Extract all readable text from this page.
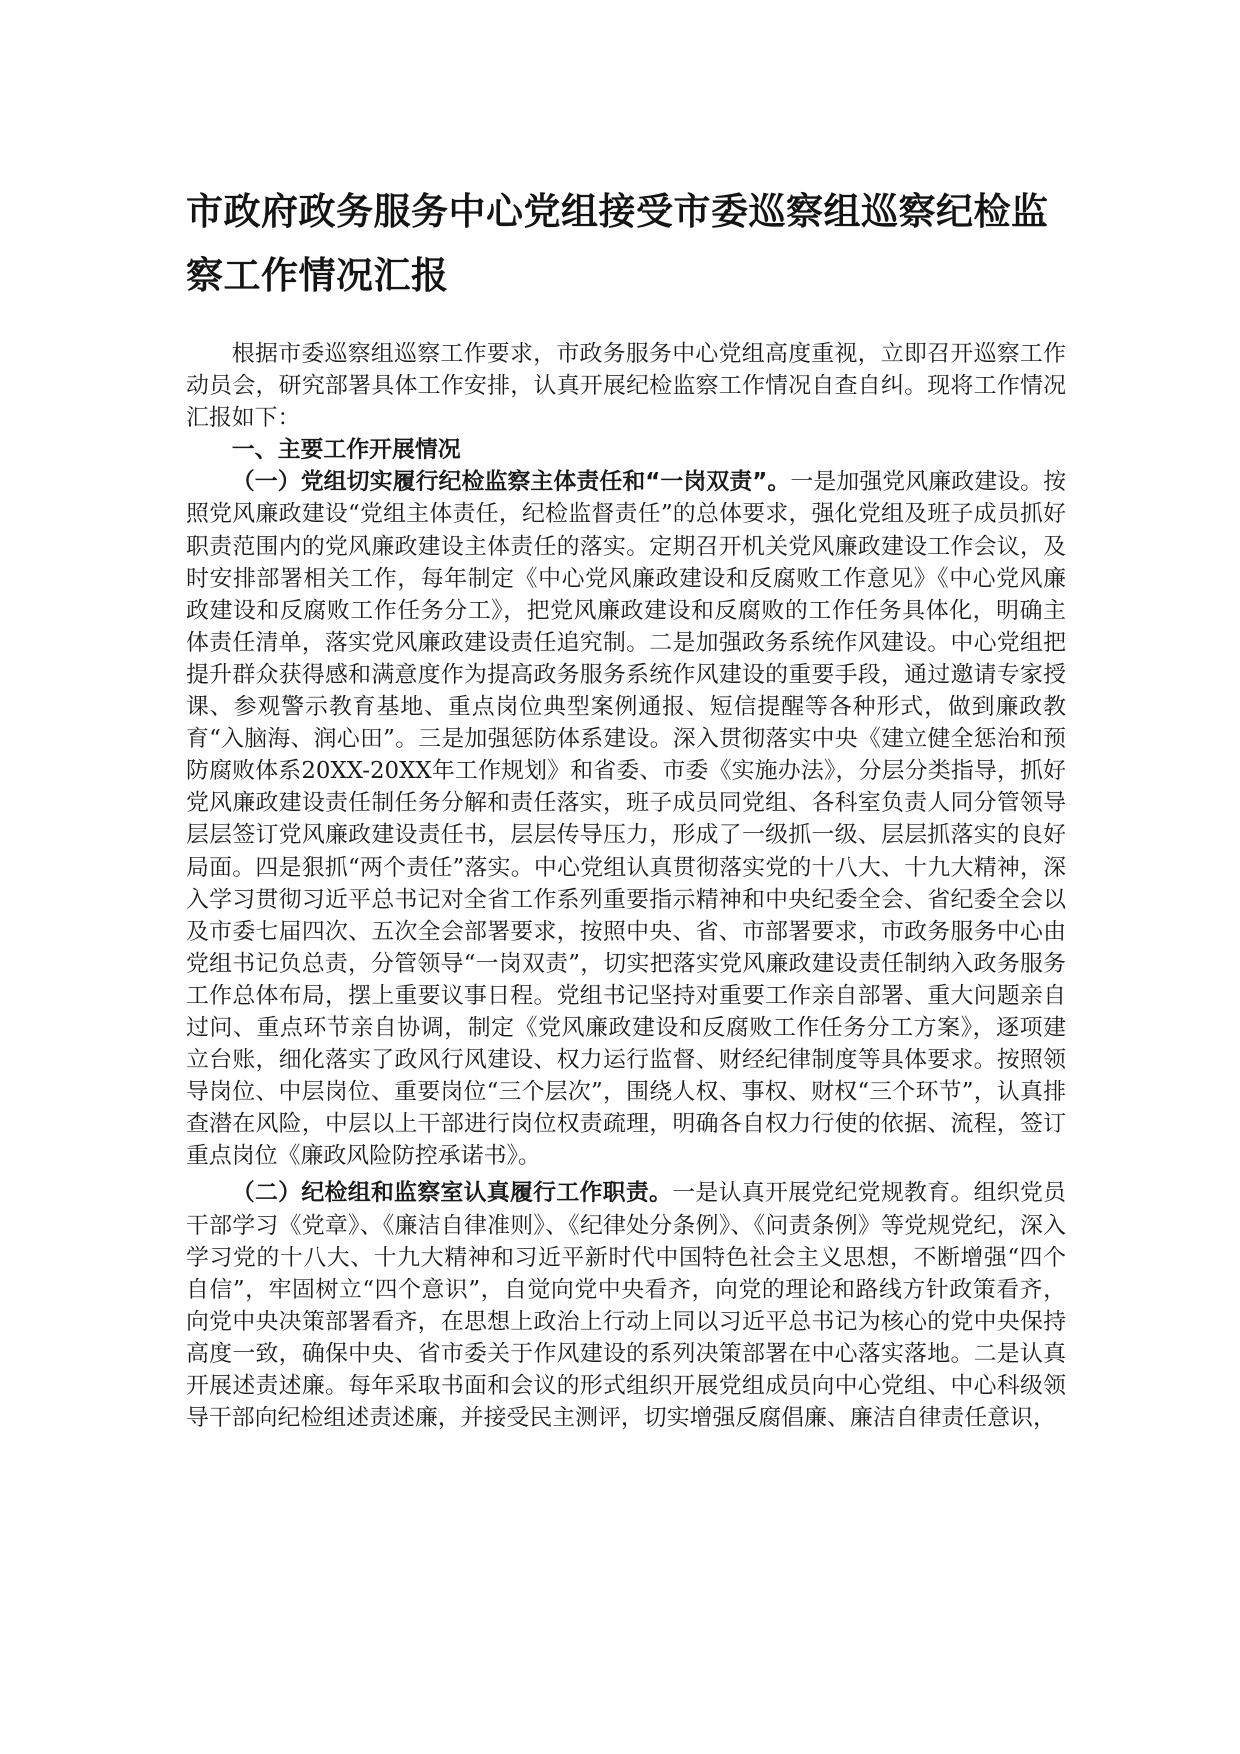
市政府政务服务中心党组接受市委巡察组巡察纪检监察工作情况汇报

根据市委巡察组巡察工作要求，市政务服务中心党组高度重视，立即召开巡察工作动员会，研究部署具体工作安排，认真开展纪检监察工作情况自查自纠。现将工作情况汇报如下：

一、主要工作开展情况

（一）党组切实履行纪检监察主体责任和“一岗双责”。一是加强党风廉政建设。按照党风廉政建设“党组主体责任，纪检监督责任”的总体要求，强化党组及班子成员抓好职责范围内的党风廉政建设主体责任的落实。定期召开机关党风廉政建设工作会议，及时安排部署相关工作，每年制定《中心党风廉政建设和反腐败工作意见》《中心党风廉政建设和反腐败工作任务分工》，把党风廉政建设和反腐败的工作任务具体化，明确主体责任清单，落实党风廉政建设责任追究制。二是加强政务系统作风建设。中心党组把提升群众获得感和满意度作为提高政务服务系统作风建设的重要手段，通过邀请专家授课、参观警示教育基地、重点岗位典型案例通报、短信提醒等各种形式，做到廉政教育“入脑海、润心田”。三是加强惩防体系建设。深入贯彻落实中央《建立健全惩治和预防腐败体系20XX-20XX年工作规划》和省委、市委《实施办法》，分层分类指导，抓好党风廉政建设责任制任务分解和责任落实，班子成员同党组、各科室负责人同分管领导层层签订党风廉政建设责任书，层层传导压力，形成了一级抓一级、层层抓落实的良好局面。四是狠抓“两个责任”落实。中心党组认真贯彻落实党的十八大、十九大精神，深入学习贯彻习近平总书记对全省工作系列重要指示精神和中央纪委全会、省纪委全会以及市委七届四次、五次全会部署要求，按照中央、省、市部署要求，市政务服务中心由党组书记负总责，分管领导“一岗双责”，切实把落实党风廉政建设责任制纳入政务服务工作总体布局，摆上重要议事日程。党组书记坚持对重要工作亲自部署、重大问题亲自过问、重点环节亲自协调，制定《党风廉政建设和反腐败工作任务分工方案》，逐项建立台账，细化落实了政风行风建设、权力运行监督、财经纪律制度等具体要求。按照领导岗位、中层岗位、重要岗位“三个层次”，围绕人权、事权、财权“三个环节”，认真排查潜在风险，中层以上干部进行岗位权责疏理，明确各自权力行使的依据、流程，签订重点岗位《廉政风险防控承诺书》。

（二）纪检组和监察室认真履行工作职责。一是认真开展党纪党规教育。组织党员干部学习《党章》、《廉洁自律准则》、《纪律处分条例》、《问责条例》等党规党纪，深入学习党的十八大、十九大精神和习近平新时代中国特色社会主义思想，不断增强“四个自信”，牢固树立“四个意识”，自觉向党中央看齐，向党的理论和路线方针政策看齐，向党中央决策部署看齐，在思想上政治上行动上同以习近平总书记为核心的党中央保持高度一致，确保中央、省市委关于作风建设的系列决策部署在中心落实落地。二是认真开展述责述廉。每年采取书面和会议的形式组织开展党组成员向中心党组、中心科级领导干部向纪检组述责述廉，并接受民主测评，切实增强反腐倡廉、廉洁自律责任意识，
